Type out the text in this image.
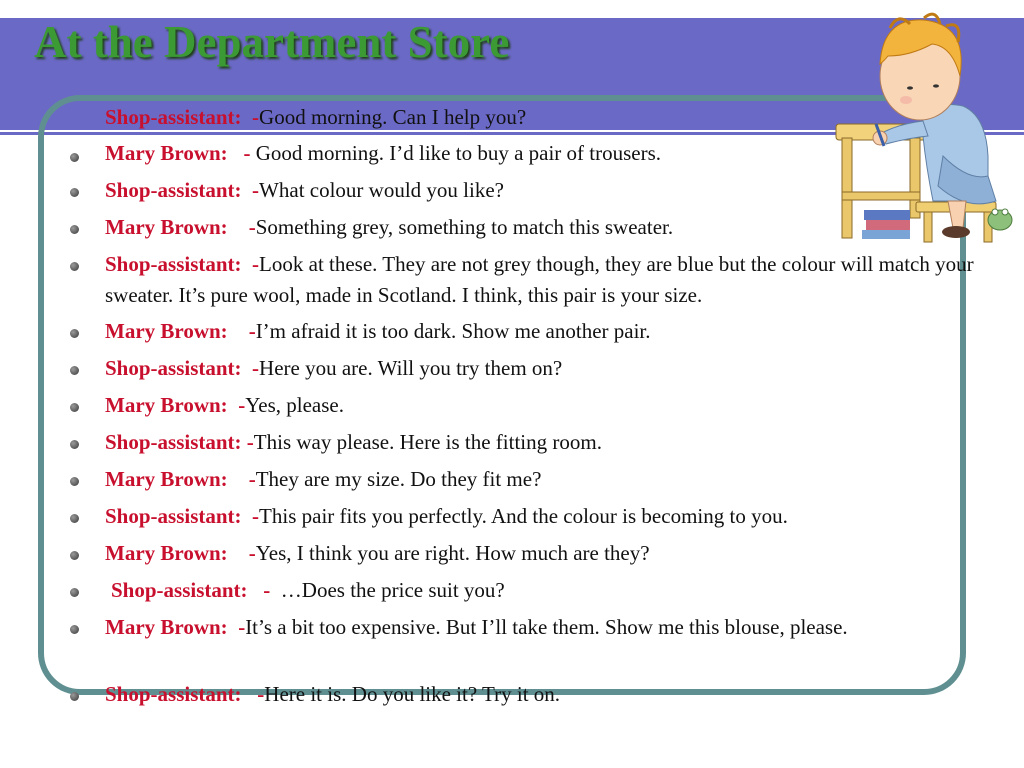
At the Department Store
Shop-assistant: -Good morning. Can I help you?
Mary Brown: - Good morning. I’d like to buy a pair of trousers.
Shop-assistant: -What colour would you like?
Mary Brown: -Something grey, something to match this sweater.
Shop-assistant: -Look at these. They are not grey though, they are blue but the colour will match your sweater. It’s pure wool, made in Scotland. I think, this pair is your size.
Mary Brown: -I’m afraid it is too dark. Show me another pair.
Shop-assistant: -Here you are. Will you try them on?
Mary Brown: -Yes, please.
Shop-assistant: -This way please. Here is the fitting room.
Mary Brown: -They are my size. Do they fit me?
Shop-assistant: -This pair fits you perfectly. And the colour is becoming to you.
Mary Brown: -Yes, I think you are right. How much are they?
Shop-assistant: - …Does the price suit you?
Mary Brown: -It’s a bit too expensive. But I’ll take them. Show me this blouse, please.
Shop-assistant: -Here it is. Do you like it? Try it on.
